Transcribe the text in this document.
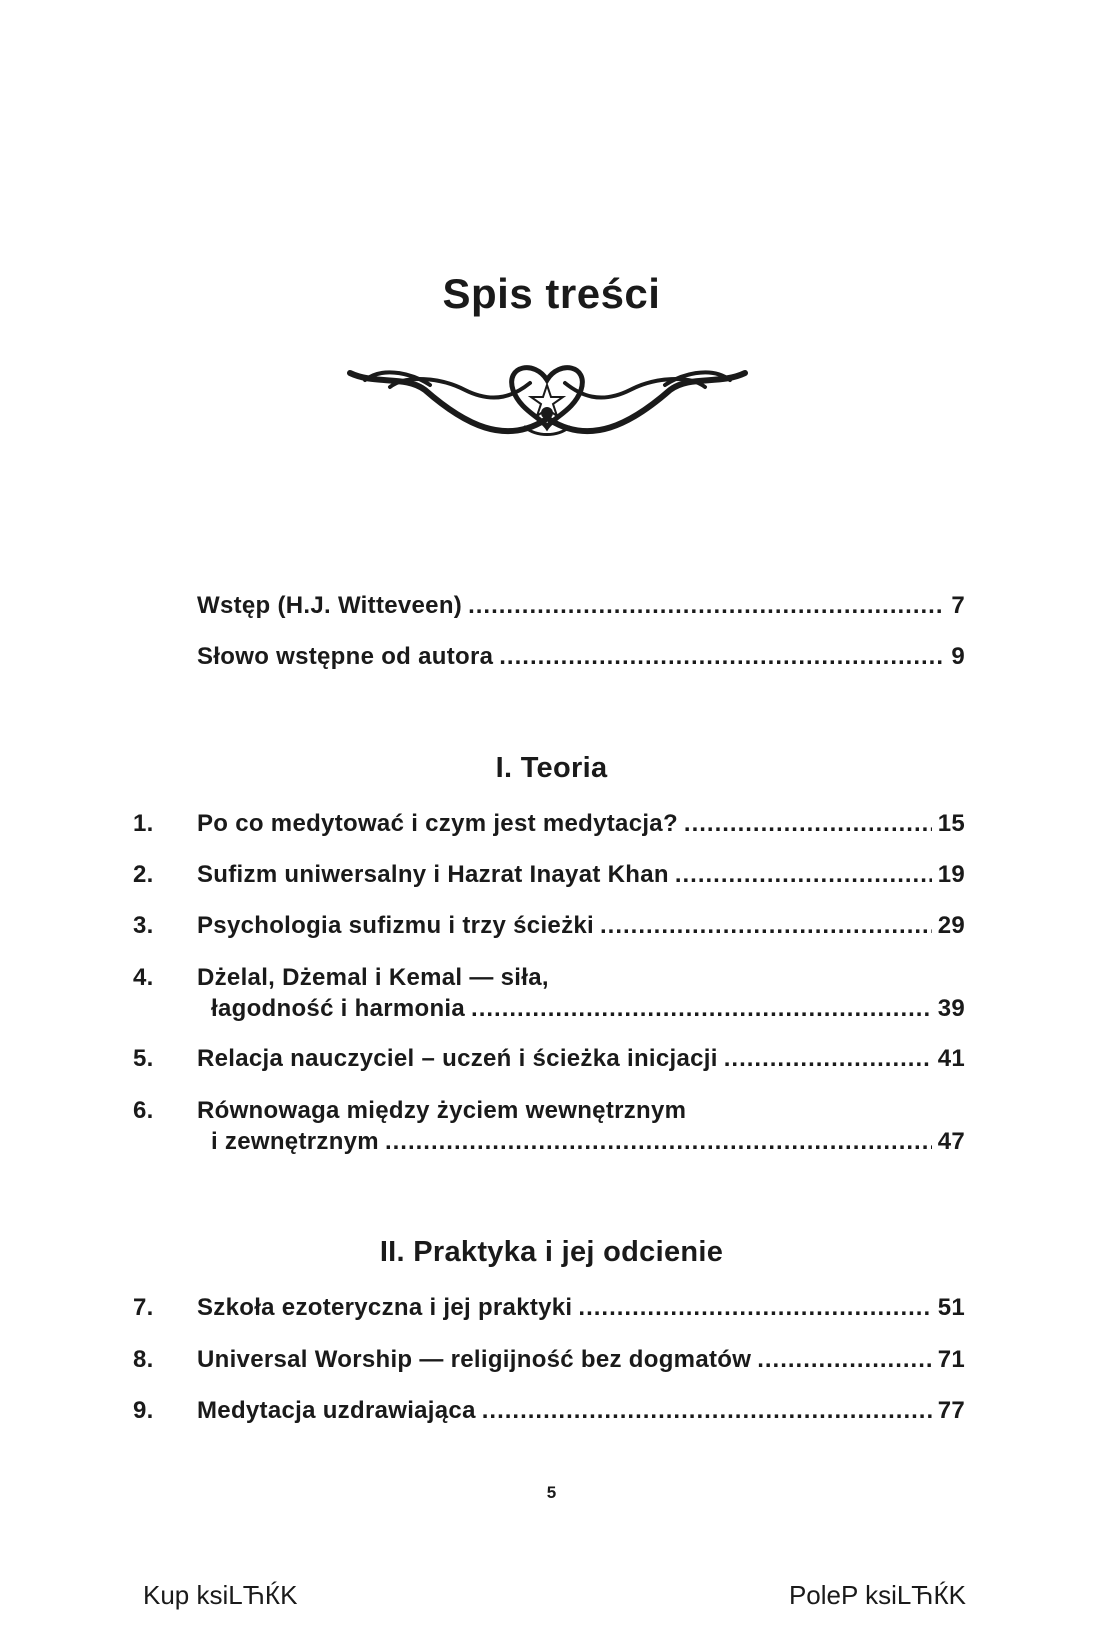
Spis treści
Wstęp (H.J. Witteveen) .....	7
Słowo wstępne od autora .....	9
I. Teoria
1.	Po co medytować i czym jest medytacja? .....	15
2.	Sufizm uniwersalny i Hazrat Inayat Khan .....	19
3.	Psychologia sufizmu i trzy ścieżki .....	29
4.	Dżelal, Dżemal i Kemal — siła,
łagodność i harmonia .....	39
5.	Relacja nauczyciel – uczeń i ścieżka inicjacji .....	41
6.	Równowaga między życiem wewnętrznym
i zewnętrznym .....	47
II. Praktyka i jej odcienie
7.	Szkoła ezoteryczna i jej praktyki .....	51
8.	Universal Worship — religijność bez dogmatów .....	71
9.	Medytacja uzdrawiająca .....	77
5
Kup ksiLЋЌK	PoleP ksiLЋЌK
